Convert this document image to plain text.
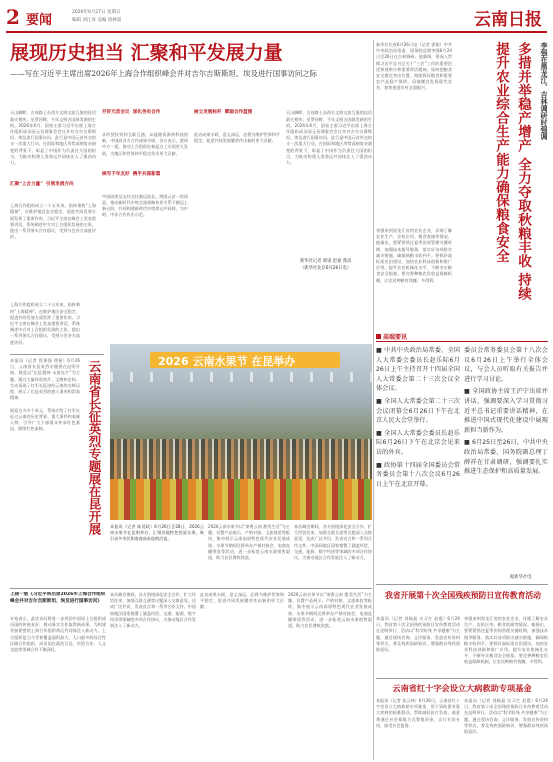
2 要闻
2026年6月27日 星期日
编辑 刘江涛 美编 唐林超	云南日报
展现历史担当 汇聚和平发展力量
——写在习近平主席出席2026年上海合作组织峰会并对吉尔吉斯斯坦、埃及进行国事访问之际

天山脚畔，古丝路上东西方文明交流互鉴的佳话薪火相传；尼罗河畔，千年文明古国焕发新的生机。2026年6月，国家主席习近平出席上海合作组织成员国元首理事会会议并对吉尔吉斯斯坦、埃及进行国事访问。此行是中国元首外交的又一次重大行动，在国际和地区形势深刻复杂演变的背景下，彰显了中国作为负责任大国的担当，为推动构建人类命运共同体注入了强劲动力。

汇聚“上合力量”  引领发展方向

上海合作组织成立二十五年来，始终秉持“上海精神”，在维护地区安全稳定、促进共同发展方面发挥了重要作用。习近平主席在峰会上发表重要讲话，系统阐述中方对上合组织发展的主张，提出一系列务实合作倡议，受到与会各方高度评价。

开好元首会议  深化务实合作

从经贸投资到互联互通，从能源资源到科技创新，中国同各方合作成果丰硕。各方表示，愿同中方一道，推动上合组织在新起点上实现更大发展，为地区和世界和平稳定作出更大贡献。

续写千年友好  携手共谋新篇

中国同埃及友好交往源远流长。两国元首一致同意，推动新时代中埃全面战略伙伴关系不断迈上新台阶，共同构建新时代中埃命运共同体，为中阿、中非合作作出示范。

树立发展标杆  擘画合作蓝图

此访成果丰硕，意义深远，必将为维护世界和平稳定、促进共同发展繁荣作出新的更大贡献。

天山脚畔，古丝路上东西方文明交流互鉴的佳话薪火相传；尼罗河畔，千年文明古国焕发新的生机。2026年6月，国家主席习近平出席上海合作组织成员国元首理事会会议并对吉尔吉斯斯坦、埃及进行国事访问。此行是中国元首外交的又一次重大行动，在国际和地区形势深刻复杂演变的背景下，彰显了中国作为负责任大国的担当，为推动构建人类命运共同体注入了强劲动力。

新华社记者 韩梁 赵嘉 燕高
（新华社北京6月26日电）
新华社长春6月26日电（记者 郭翔）中共中央政治局常委、国务院总理李强6月24日至26日在吉林调研。他强调，要深入贯彻习近平总书记关于“三农”工作的重要论述和视察吉林重要讲话精神，始终把粮食安全摆在突出位置，持续抓好粮食和重要农产品稳产保供，因地制宜发展现代农业，加快推进乡村全面振兴。	李强在黑龙江、吉林调研时强调
多措并举稳产增产 全力夺取秋粮丰收 持续提升农业综合生产能力确保粮食安全
李强来到黑龙江省的农业企业，详细了解农业生产、农机应用、粮食收储等情况。他指出，要紧紧抓住夏季田间管理关键时期，加强技术指导服务，落实好各项防灾减灾措施，确保秋粮丰收到手。要抓好高标准农田建设，加快农业科技创新和推广应用，提升农业机械化水平，不断夯实粮食安全根基。要完善种粮农民收益保障机制，让农民种粮有钱赚、多得利。
$^{高端要讯}$
■ 中共中央政治局常委、全国人大常委会委员长赵乐际6月26日上午主持召开十四届全国人大常委会第二十三次会议全体会议。
■ 全国人大常委会第二十三次会议闭幕会6月26日下午在北京人民大会堂举行。
■ 全国人大常委会委员长赵乐际6月26日下午在北京会见来访的外宾。
■ 政协第十四届全国委员会常务委员会第十八次会议6月26日上午在北京开幕。
委员会常务委员会第十八次会议6月26日上午举行全体会议，与会人员听取有关报告并进行学习讨论。
■ 全国政协主席王沪宁出席并讲话，强调要深入学习贯彻习近平总书记重要讲话精神，在推进中国式现代化建设中展现新担当新作为。
■ 6月25日至26日，中共中央政治局常委、国务院副总理丁薛祥在甘肃调研，强调要扎实推进生态保护和高质量发展。
据新华社电

上海合作组织成立二十五年来，始终秉持“上海精神”，在维护地区安全稳定、促进共同发展方面发挥了重要作用。习近平主席在峰会上发表重要讲话，系统阐述中方对上合组织发展的主张，提出一系列务实合作倡议，受到与会各方高度评价。

本报讯（记者 管建强 徐曼）6月26日，云南省长征英烈专题展在昆明开展。展览以“长征精神 永放光芒”为主题，通过大量珍贵图片、文物和史料，生动再现了红军长征途经云南的光辉历程，展示了长征英烈的感人事迹和崇高精神。

展览分为多个单元，系统介绍了红军长征过云南的历史背景、重大事件和英雄人物，引导广大干部群众传承红色基因，赓续红色血脉。	云南省长征英烈专题展在昆开展	2026 云南水果节 在昆举办
本报讯（记者 陈延政）6月26日至28日，2026云南水果节在昆明举办，汇聚各地特色优质水果，吸引众多市民和客商前来选购洽谈。
2026云南水果节以“果香云南 甜美生活”为主题，设置产品展示、产销对接、文旅体验等板块，集中展示云南高原特色现代农业发展成果。水果节期间还将举办产销对接会、电商直播带货等活动，进一步拓宽云南水果销售渠道，助力农民增收致富。
本次峰会期间，各方围绕深化安全合作、扩大经贸往来、加强互联互通等议题深入交换意见，达成广泛共识，发表宣言和一系列合作文件。中国同地区国家签署了涵盖经贸、交通、能源、数字经济等领域的多项合作协议，为推动地区合作发展注入了新动力。
上接一版《习近平将出席2026年上海合作组织峰会并对吉尔吉斯斯坦、埃及进行国事访问》
专家表示，此次访问将进一步巩固中国同上合组织成员国的传统友好，推动务实合作取得新成果，为构建更加紧密的上海合作组织命运共同体注入新动力。上合组织是当今世界覆盖面积最大、人口最多的综合性区域合作组织，成员国在政治互信、经贸合作、人文交流等领域合作不断深化。
本次峰会期间，各方围绕深化安全合作、扩大经贸往来、加强互联互通等议题深入交换意见，达成广泛共识，发表宣言和一系列合作文件。中国同地区国家签署了涵盖经贸、交通、能源、数字经济等领域的多项合作协议，为推动地区合作发展注入了新动力。
此访成果丰硕，意义深远，必将为维护世界和平稳定、促进共同发展繁荣作出新的更大贡献。
2026云南水果节以“果香云南 甜美生活”为主题，设置产品展示、产销对接、文旅体验等板块，集中展示云南高原特色现代农业发展成果。水果节期间还将举办产销对接会、电商直播带货等活动，进一步拓宽云南水果销售渠道，助力农民增收致富。
我省开展第十次全国残疾预防日宣传教育活动
本报讯（记者 刘晓晶 实习生 赵霞）6月26日，我省第十次全国残疾预防日宣传教育活动在昆明举行。活动以“科学防残 共享健康”为主题，通过现场咨询、义诊服务、发放宣传资料等形式，普及残疾预防知识，增强群众残疾预防意识。
李强来到黑龙江省的农业企业，详细了解农业生产、农机应用、粮食收储等情况。他指出，要紧紧抓住夏季田间管理关键时期，加强技术指导服务，落实好各项防灾减灾措施，确保秋粮丰收到手。要抓好高标准农田建设，加快农业科技创新和推广应用，提升农业机械化水平，不断夯实粮食安全根基。要完善种粮农民收益保障机制，让农民种粮有钱赚、多得利。
云南省红十字会设立大病救助专项基金
本报讯（记者 张云林）6月26日，云南省红十字会设立大病救助专项基金，用于资助患有重大疾病的困难群众，帮助减轻医疗负担。基金将通过社会募集方式筹集资金，实行专款专用，接受社会监督。
本报讯（记者 刘晓晶 实习生 赵霞）6月26日，我省第十次全国残疾预防日宣传教育活动在昆明举行。活动以“科学防残 共享健康”为主题，通过现场咨询、义诊服务、发放宣传资料等形式，普及残疾预防知识，增强群众残疾预防意识。
